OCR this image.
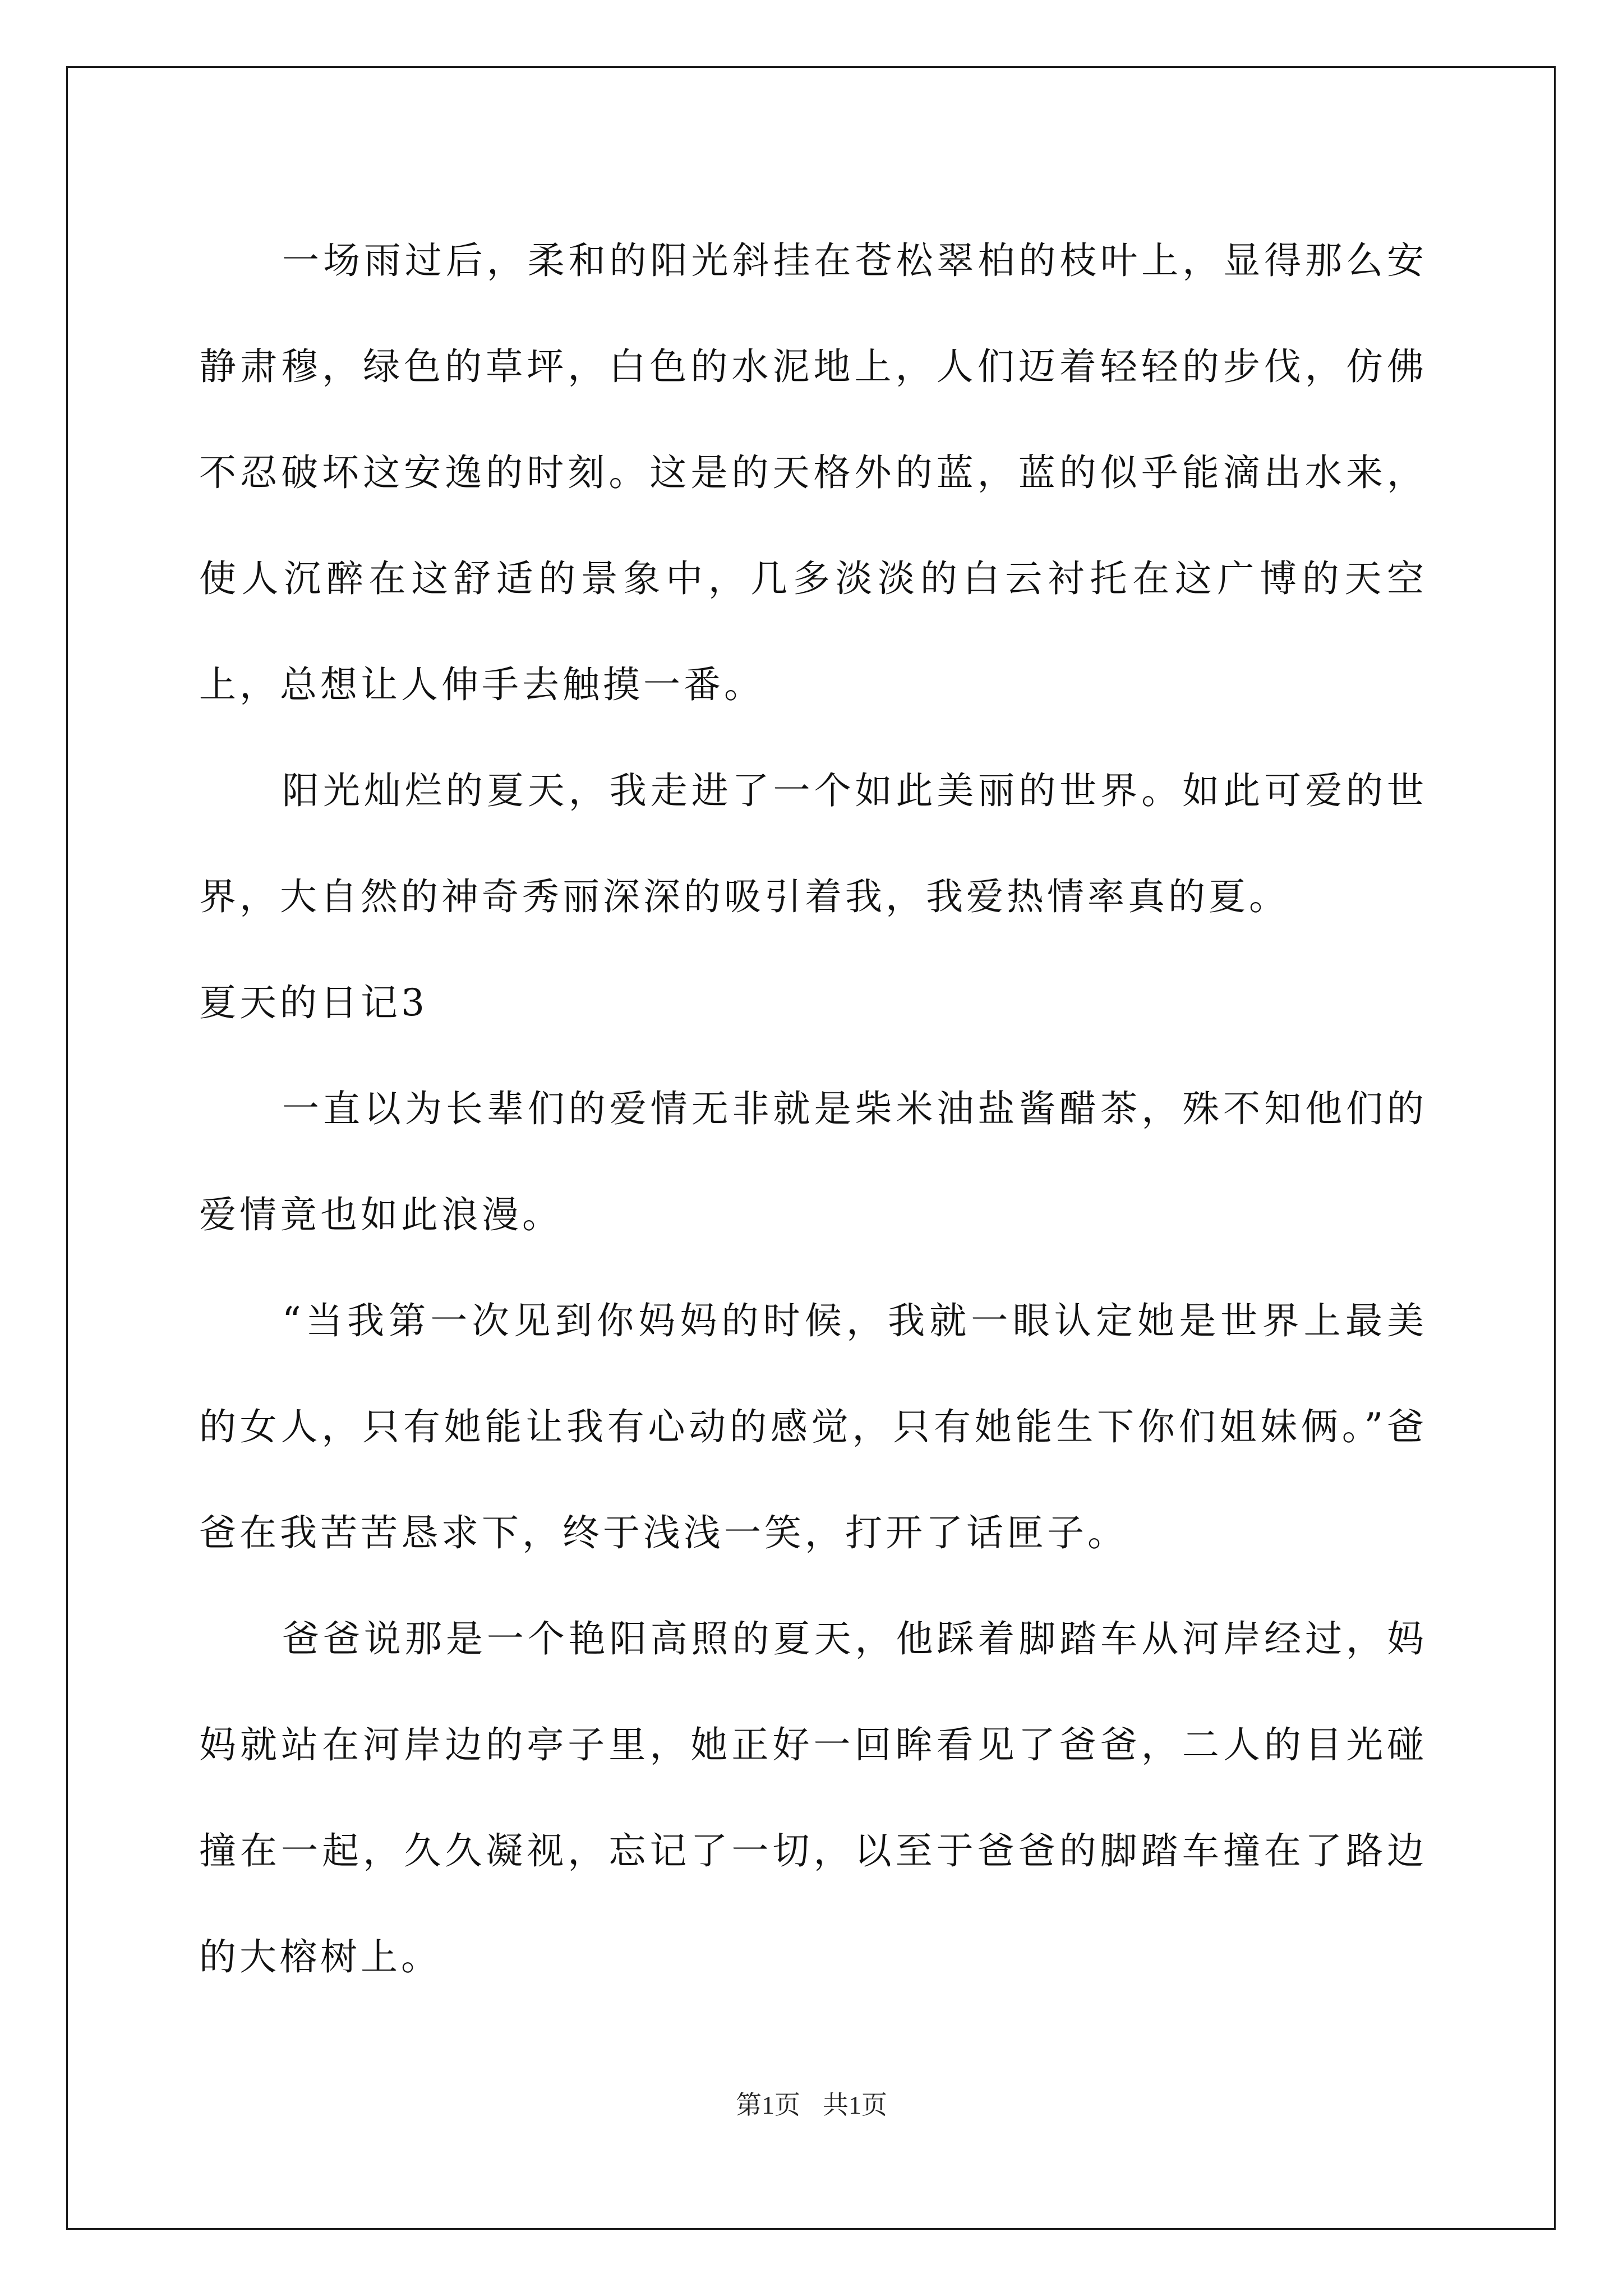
一场雨过后，柔和的阳光斜挂在苍松翠柏的枝叶上，显得那么安静肃穆，绿色的草坪，白色的水泥地上，人们迈着轻轻的步伐，仿佛不忍破坏这安逸的时刻。这是的天格外的蓝，蓝的似乎能滴出水来，使人沉醉在这舒适的景象中，几多淡淡的白云衬托在这广博的天空上，总想让人伸手去触摸一番。

阳光灿烂的夏天，我走进了一个如此美丽的世界。如此可爱的世界，大自然的神奇秀丽深深的吸引着我，我爱热情率真的夏。

夏天的日记3

一直以为长辈们的爱情无非就是柴米油盐酱醋茶，殊不知他们的爱情竟也如此浪漫。

“当我第一次见到你妈妈的时候，我就一眼认定她是世界上最美的女人，只有她能让我有心动的感觉，只有她能生下你们姐妹俩。”爸爸在我苦苦恳求下，终于浅浅一笑，打开了话匣子。

爸爸说那是一个艳阳高照的夏天，他踩着脚踏车从河岸经过，妈妈就站在河岸边的亭子里，她正好一回眸看见了爸爸，二人的目光碰撞在一起，久久凝视，忘记了一切，以至于爸爸的脚踏车撞在了路边的大榕树上。

第1页 共1页
